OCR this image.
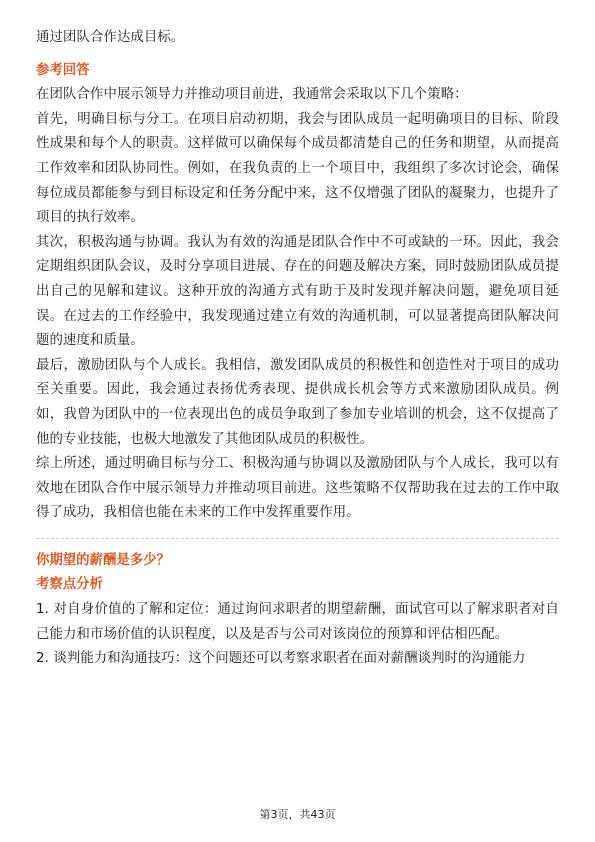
通过团队合作达成目标。

参考回答

在团队合作中展示领导力并推动项目前进，我通常会采取以下几个策略：

首先，明确目标与分工。在项目启动初期，我会与团队成员一起明确项目的目标、阶段性成果和每个人的职责。这样做可以确保每个成员都清楚自己的任务和期望，从而提高工作效率和团队协同性。例如，在我负责的上一个项目中，我组织了多次讨论会，确保每位成员都能参与到目标设定和任务分配中来，这不仅增强了团队的凝聚力，也提升了项目的执行效率。

其次，积极沟通与协调。我认为有效的沟通是团队合作中不可或缺的一环。因此，我会定期组织团队会议，及时分享项目进展、存在的问题及解决方案，同时鼓励团队成员提出自己的见解和建议。这种开放的沟通方式有助于及时发现并解决问题，避免项目延误。在过去的工作经验中，我发现通过建立有效的沟通机制，可以显著提高团队解决问题的速度和质量。

最后，激励团队与个人成长。我相信，激发团队成员的积极性和创造性对于项目的成功至关重要。因此，我会通过表扬优秀表现、提供成长机会等方式来激励团队成员。例如，我曾为团队中的一位表现出色的成员争取到了参加专业培训的机会，这不仅提高了他的专业技能，也极大地激发了其他团队成员的积极性。

综上所述，通过明确目标与分工、积极沟通与协调以及激励团队与个人成长，我可以有效地在团队合作中展示领导力并推动项目前进。这些策略不仅帮助我在过去的工作中取得了成功，我相信也能在未来的工作中发挥重要作用。

你期望的薪酬是多少？

考察点分析

1. 对自身价值的了解和定位：通过询问求职者的期望薪酬，面试官可以了解求职者对自己能力和市场价值的认识程度，以及是否与公司对该岗位的预算和评估相匹配。

2. 谈判能力和沟通技巧：这个问题还可以考察求职者在面对薪酬谈判时的沟通能力

第3页，共43页
